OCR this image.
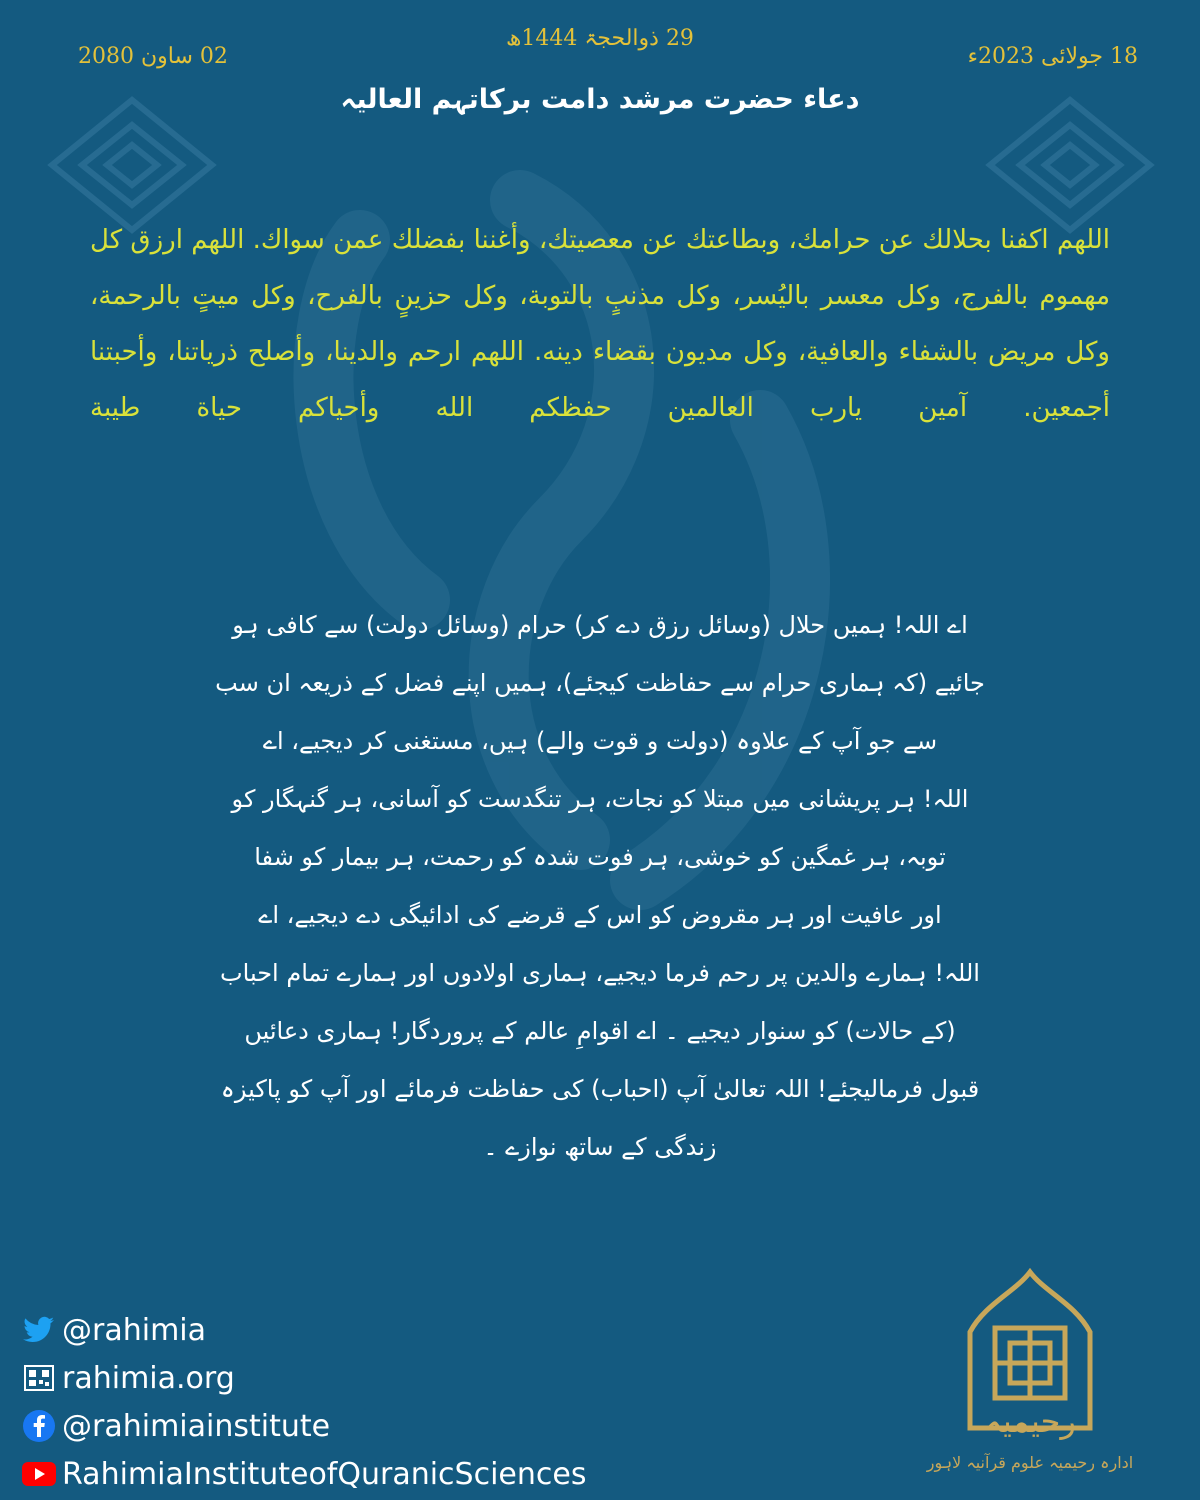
29 ذوالحجۃ 1444ھ
02 ساون 2080	18 جولائی 2023ء
دعاء حضرت مرشد دامت برکاتہم العالیہ
اللهم اكفنا بحلالك عن حرامك، وبطاعتك عن معصيتك، وأغننا بفضلك عمن سواك. اللهم ارزق كل مهموم بالفرج، وكل معسر باليُسر، وكل مذنبٍ بالتوبة، وكل حزينٍ بالفرح، وكل ميتٍ بالرحمة، وكل مريض بالشفاء والعافية، وكل مديون بقضاء دينه. اللهم ارحم والدينا، وأصلح ذرياتنا، وأحبتنا أجمعين. آمين يارب العالمين حفظكم الله وأحياكم حياة طيبة
اے اللہ! ہمیں حلال (وسائل رزق دے کر) حرام (وسائل دولت) سے کافی ہو
جائیے (کہ ہماری حرام سے حفاظت کیجئے)، ہمیں اپنے فضل کے ذریعہ ان سب
سے جو آپ کے علاوہ (دولت و قوت والے) ہیں، مستغنی کر دیجیے، اے
اللہ! ہر پریشانی میں مبتلا کو نجات، ہر تنگدست کو آسانی، ہر گنہگار کو
توبہ، ہر غمگین کو خوشی، ہر فوت شدہ کو رحمت، ہر بیمار کو شفا
اور عافیت اور ہر مقروض کو اس کے قرضے کی ادائیگی دے دیجیے، اے
اللہ! ہمارے والدین پر رحم فرما دیجیے، ہماری اولادوں اور ہمارے تمام احباب
(کے حالات) کو سنوار دیجیے ۔ اے اقوامِ عالم کے پروردگار! ہماری دعائیں
قبول فرمالیجئے! اللہ تعالیٰ آپ (احباب) کی حفاظت فرمائے اور آپ کو پاکیزہ
زندگی کے ساتھ نوازے ۔
@rahimia
rahimia.org
@rahimiainstitute
RahimiaInstituteofQuranicSciences
رحیمیہ
ادارہ رحیمیہ علوم قرآنیہ لاہور
